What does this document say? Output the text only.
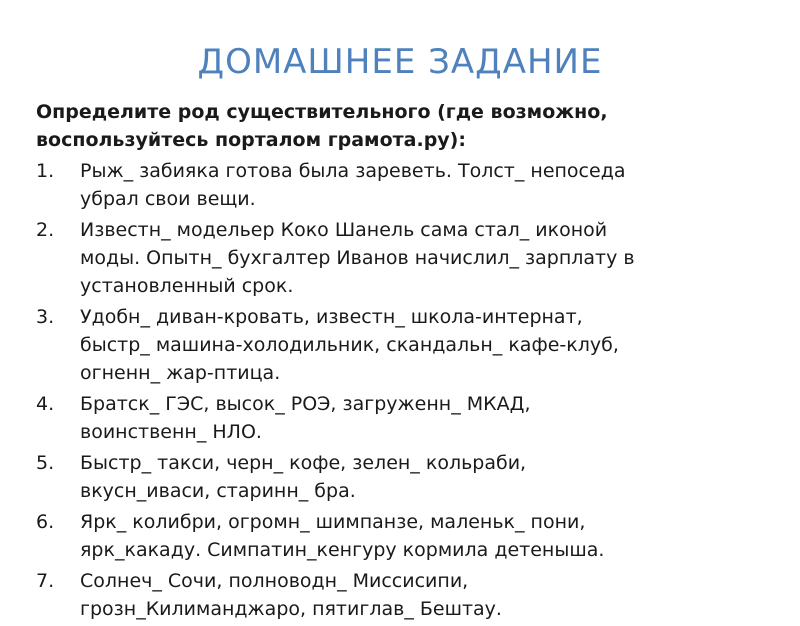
ДОМАШНЕЕ ЗАДАНИЕ
Определите род существительного (где возможно,
воспользуйтесь порталом грамота.ру):
1. Рыж_ забияка готова была зареветь. Толст_ непоседа
убрал свои вещи.
2. Известн_ модельер Коко Шанель сама стал_ иконой
моды. Опытн_ бухгалтер Иванов начислил_ зарплату в
установленный срок.
3. Удобн_ диван-кровать, известн_ школа-интернат,
быстр_ машина-холодильник, скандальн_ кафе-клуб,
огненн_ жар-птица.
4. Братск_ ГЭС, высок_ РОЭ, загруженн_ МКАД,
воинственн_ НЛО.
5. Быстр_ такси, черн_ кофе, зелен_ кольраби,
вкусн_иваси, старинн_ бра.
6. Ярк_ колибри, огромн_ шимпанзе, маленьк_ пони,
ярк_какаду. Симпатин_кенгуру кормила детеныша.
7. Солнеч_ Сочи, полноводн_ Миссисипи,
грозн_Килиманджаро, пятиглав_ Бештау.
